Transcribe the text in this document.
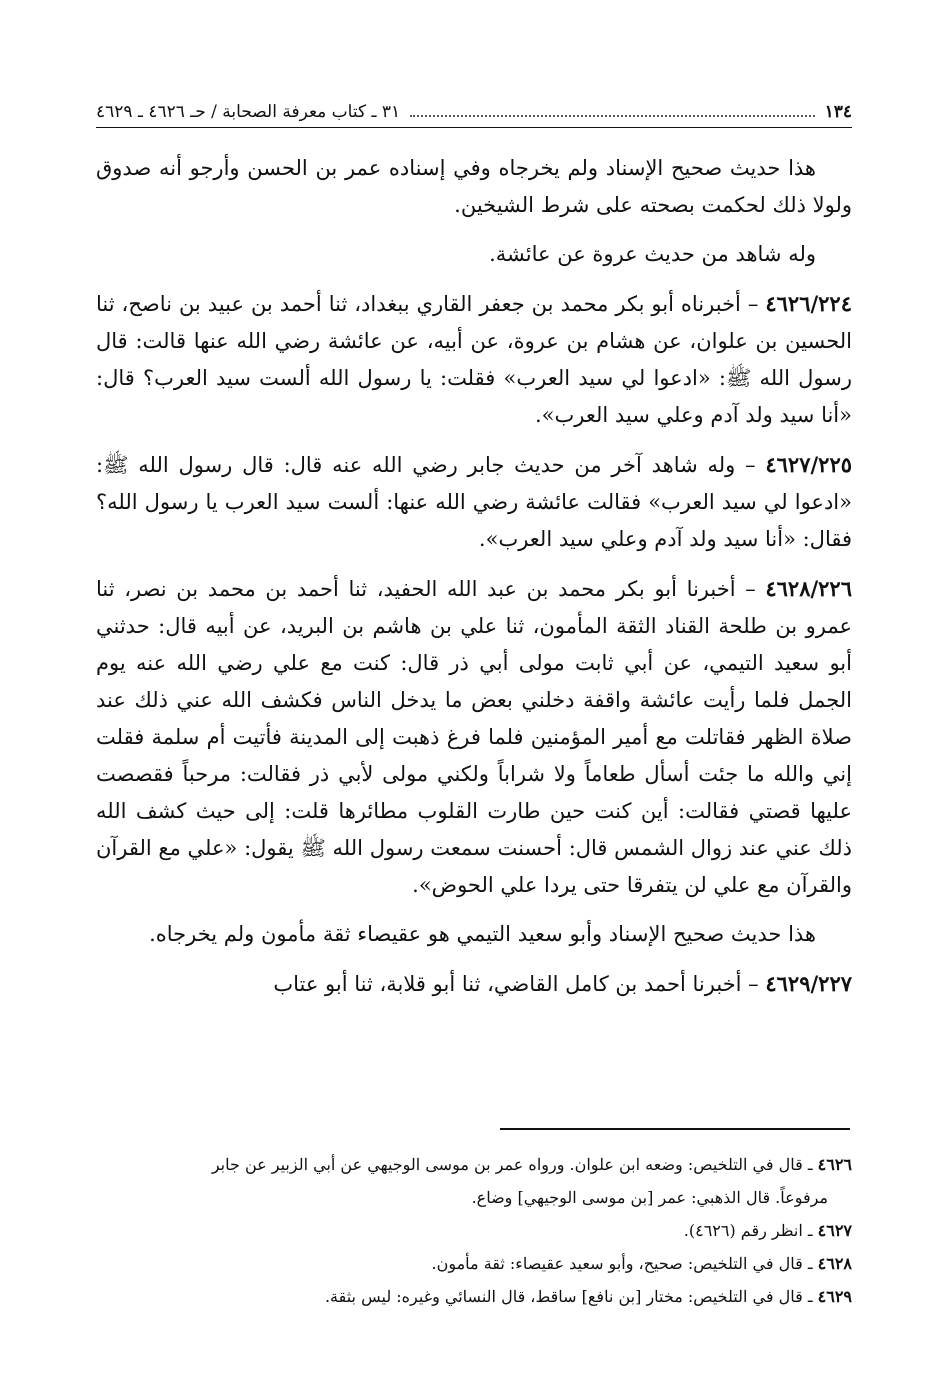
١٣٤
٣١ ـ كتاب معرفة الصحابة / حـ ٤٦٢٦ ـ ٤٦٢٩

هذا حديث صحيح الإسناد ولم يخرجاه وفي إسناده عمر بن الحسن وأرجو أنه صدوق ولولا ذلك لحكمت بصحته على شرط الشيخين.

وله شاهد من حديث عروة عن عائشة.

٤٦٢٦/٢٢٤ – أخبرناه أبو بكر محمد بن جعفر القاري ببغداد، ثنا أحمد بن عبيد بن ناصح، ثنا الحسين بن علوان، عن هشام بن عروة، عن أبيه، عن عائشة رضي الله عنها قالت: قال رسول الله ﷺ: «ادعوا لي سيد العرب» فقلت: يا رسول الله ألست سيد العرب؟ قال: «أنا سيد ولد آدم وعلي سيد العرب».

٤٦٢٧/٢٢٥ – وله شاهد آخر من حديث جابر رضي الله عنه قال: قال رسول الله ﷺ: «ادعوا لي سيد العرب» فقالت عائشة رضي الله عنها: ألست سيد العرب يا رسول الله؟ فقال: «أنا سيد ولد آدم وعلي سيد العرب».

٤٦٢٨/٢٢٦ – أخبرنا أبو بكر محمد بن عبد الله الحفيد، ثنا أحمد بن محمد بن نصر، ثنا عمرو بن طلحة القناد الثقة المأمون، ثنا علي بن هاشم بن البريد، عن أبيه قال: حدثني أبو سعيد التيمي، عن أبي ثابت مولى أبي ذر قال: كنت مع علي رضي الله عنه يوم الجمل فلما رأيت عائشة واقفة دخلني بعض ما يدخل الناس فكشف الله عني ذلك عند صلاة الظهر فقاتلت مع أمير المؤمنين فلما فرغ ذهبت إلى المدينة فأتيت أم سلمة فقلت إني والله ما جئت أسأل طعاماً ولا شراباً ولكني مولى لأبي ذر فقالت: مرحباً فقصصت عليها قصتي فقالت: أين كنت حين طارت القلوب مطائرها قلت: إلى حيث كشف الله ذلك عني عند زوال الشمس قال: أحسنت سمعت رسول الله ﷺ يقول: «علي مع القرآن والقرآن مع علي لن يتفرقا حتى يردا علي الحوض».

هذا حديث صحيح الإسناد وأبو سعيد التيمي هو عقيصاء ثقة مأمون ولم يخرجاه.

٤٦٢٩/٢٢٧ – أخبرنا أحمد بن كامل القاضي، ثنا أبو قلابة، ثنا أبو عتاب

٤٦٢٦ ـ قال في التلخيص: وضعه ابن علوان. ورواه عمر بن موسى الوجيهي عن أبي الزبير عن جابر

مرفوعاً. قال الذهبي: عمر [بن موسى الوجيهي] وضاع.

٤٦٢٧ ـ انظر رقم (٤٦٢٦).

٤٦٢٨ ـ قال في التلخيص: صحيح، وأبو سعيد عقيصاء: ثقة مأمون.

٤٦٢٩ ـ قال في التلخيص: مختار [بن نافع] ساقط، قال النسائي وغيره: ليس بثقة.
